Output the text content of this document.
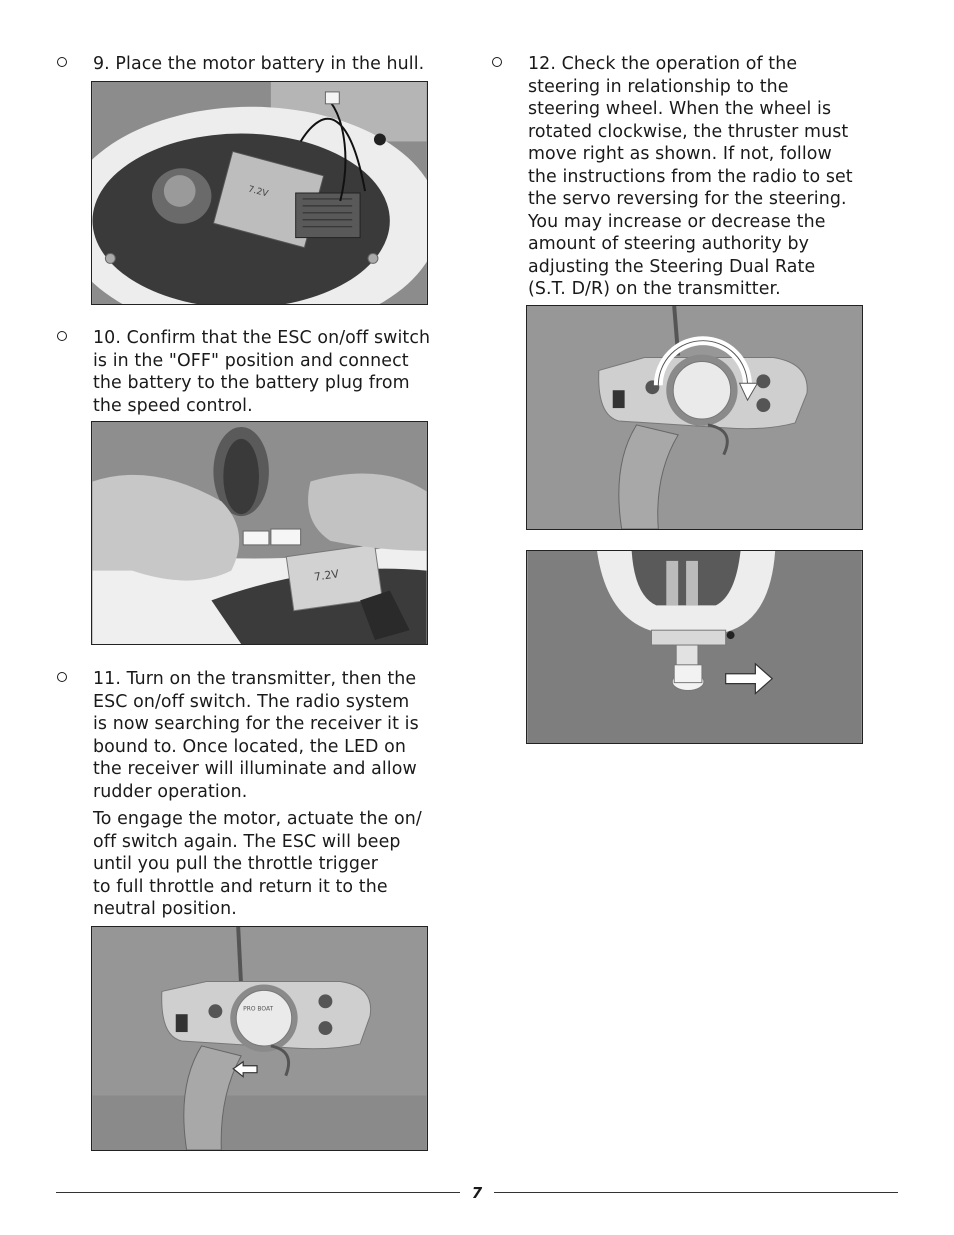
9. Place the motor battery in the hull.

7.2V

10. Confirm that the ESC on/off switch

is in the "OFF" position and connect

the battery to the battery plug from

the speed control.

7.2V

11. Turn on the transmitter, then the

ESC on/off switch. The radio system

is now searching for the receiver it is

bound to. Once located, the LED on

the receiver will illuminate and allow

rudder operation.

To engage the motor, actuate the on/

off switch again. The ESC will beep

until you pull the throttle trigger

to full throttle and return it to the

neutral position.

PRO BOAT

12. Check the operation of the

steering in relationship to the

steering wheel. When the wheel is

rotated clockwise, the thruster must

move right as shown. If not, follow

the instructions from the radio to set

the servo reversing for the steering.

You may increase or decrease the

amount of steering authority by

adjusting the Steering Dual Rate

(S.T. D/R) on the transmitter.

7
